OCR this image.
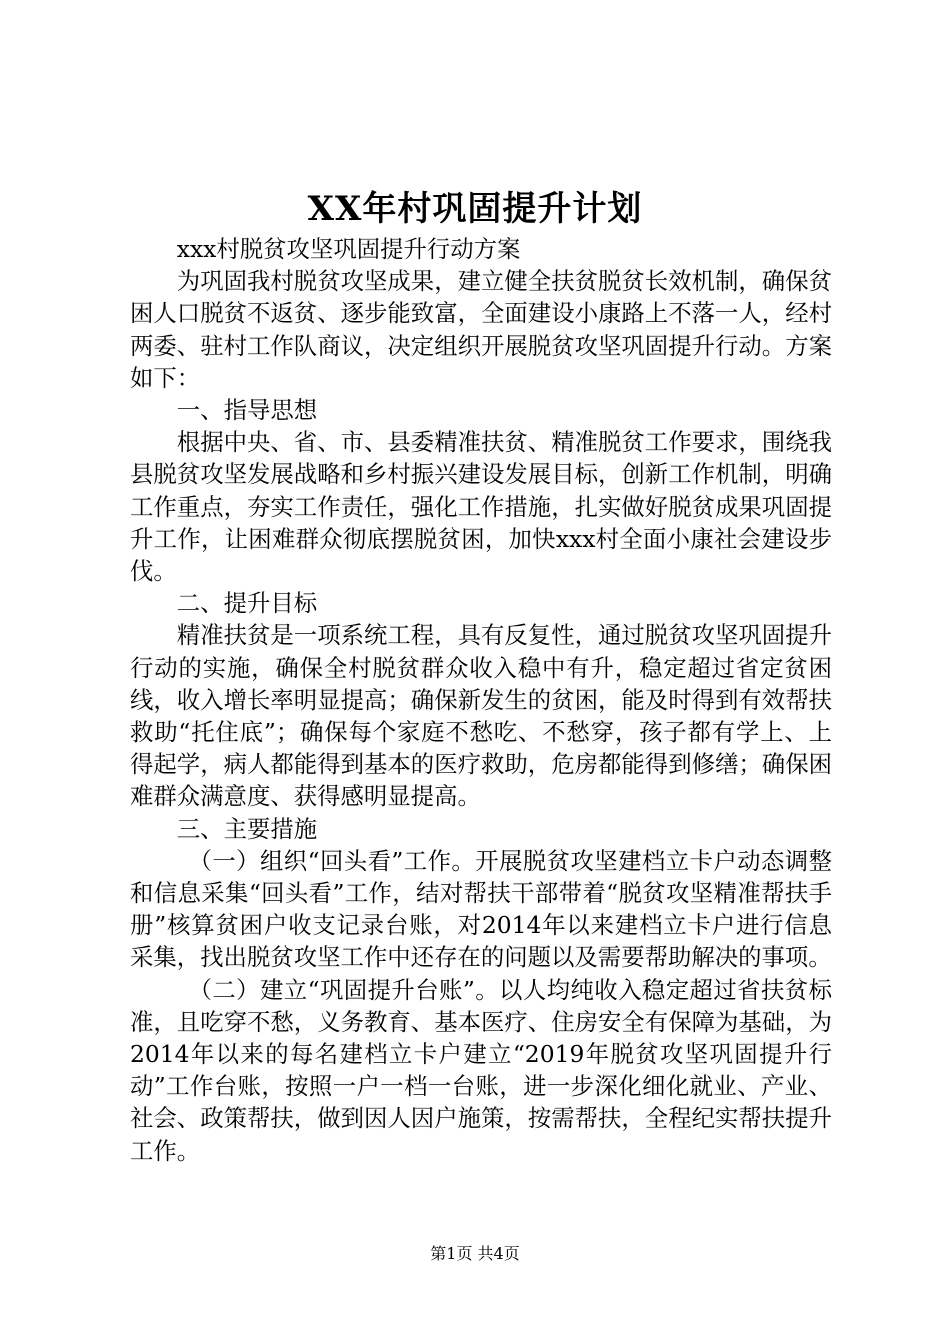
XX年村巩固提升计划

xxx村脱贫攻坚巩固提升行动方案

为巩固我村脱贫攻坚成果，建立健全扶贫脱贫长效机制，确保贫困人口脱贫不返贫、逐步能致富，全面建设小康路上不落一人，经村两委、驻村工作队商议，决定组织开展脱贫攻坚巩固提升行动。方案如下：

一、指导思想

根据中央、省、市、县委精准扶贫、精准脱贫工作要求，围绕我县脱贫攻坚发展战略和乡村振兴建设发展目标，创新工作机制，明确工作重点，夯实工作责任，强化工作措施，扎实做好脱贫成果巩固提升工作，让困难群众彻底摆脱贫困，加快xxx村全面小康社会建设步伐。

二、提升目标

精准扶贫是一项系统工程，具有反复性，通过脱贫攻坚巩固提升行动的实施，确保全村脱贫群众收入稳中有升，稳定超过省定贫困线，收入增长率明显提高；确保新发生的贫困，能及时得到有效帮扶救助“托住底”；确保每个家庭不愁吃、不愁穿，孩子都有学上、上得起学，病人都能得到基本的医疗救助，危房都能得到修缮；确保困难群众满意度、获得感明显提高。

三、主要措施

（一）组织“回头看”工作。开展脱贫攻坚建档立卡户动态调整和信息采集“回头看”工作，结对帮扶干部带着“脱贫攻坚精准帮扶手册”核算贫困户收支记录台账，对2014年以来建档立卡户进行信息采集，找出脱贫攻坚工作中还存在的问题以及需要帮助解决的事项。

（二）建立“巩固提升台账”。以人均纯收入稳定超过省扶贫标准，且吃穿不愁，义务教育、基本医疗、住房安全有保障为基础，为2014年以来的每名建档立卡户建立“2019年脱贫攻坚巩固提升行动”工作台账，按照一户一档一台账，进一步深化细化就业、产业、社会、政策帮扶，做到因人因户施策，按需帮扶，全程纪实帮扶提升工作。

第1页 共4页
